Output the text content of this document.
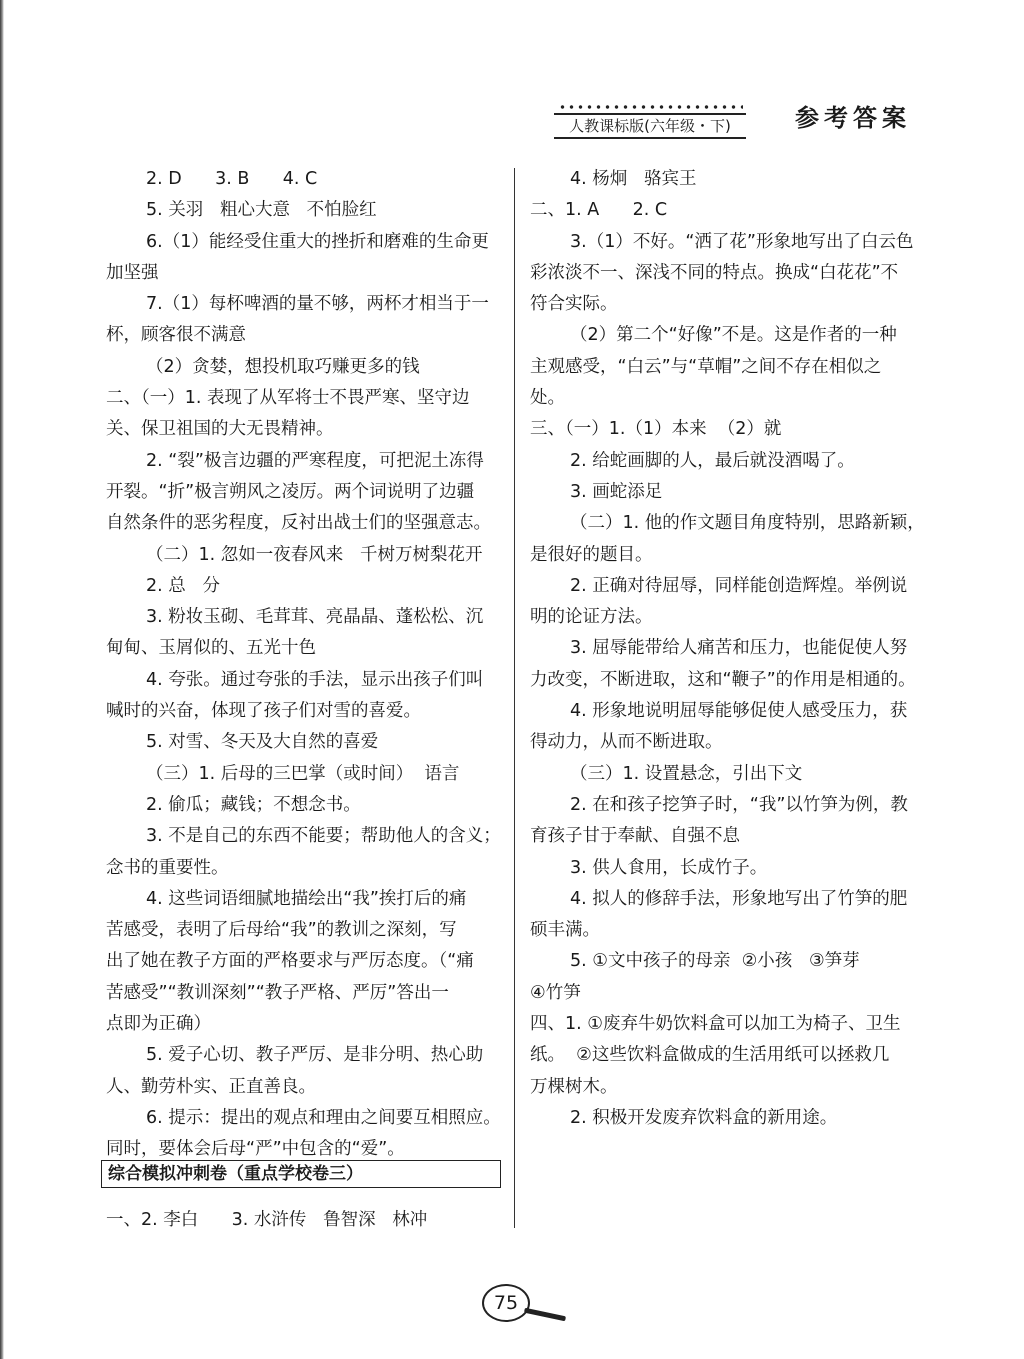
人教课标版(六年级・下)	参考答案
2. D      3. B      4. C
5. 关羽   粗心大意   不怕脸红
6.（1）能经受住重大的挫折和磨难的生命更
加坚强
7.（1）每杯啤酒的量不够，两杯才相当于一
杯，顾客很不满意
（2）贪婪，想投机取巧赚更多的钱
二、（一）1. 表现了从军将士不畏严寒、坚守边
关、保卫祖国的大无畏精神。
2. “裂”极言边疆的严寒程度，可把泥土冻得
开裂。“折”极言朔风之凌厉。两个词说明了边疆
自然条件的恶劣程度，反衬出战士们的坚强意志。
（二）1. 忽如一夜春风来   千树万树梨花开
2. 总   分
3. 粉妆玉砌、毛茸茸、亮晶晶、蓬松松、沉
甸甸、玉屑似的、五光十色
4. 夸张。通过夸张的手法，显示出孩子们叫
喊时的兴奋，体现了孩子们对雪的喜爱。
5. 对雪、冬天及大自然的喜爱
（三）1. 后母的三巴掌（或时间）  语言
2. 偷瓜；藏钱；不想念书。
3. 不是自己的东西不能要；帮助他人的含义；
念书的重要性。
4. 这些词语细腻地描绘出“我”挨打后的痛
苦感受，表明了后母给“我”的教训之深刻，写
出了她在教子方面的严格要求与严厉态度。（“痛
苦感受”“教训深刻”“教子严格、严厉”答出一
点即为正确）
5. 爱子心切、教子严厉、是非分明、热心助
人、勤劳朴实、正直善良。
6. 提示：提出的观点和理由之间要互相照应。
同时，要体会后母“严”中包含的“爱”。
4. 杨炯   骆宾王
二、1. A      2. C
3.（1）不好。“洒了花”形象地写出了白云色
彩浓淡不一、深浅不同的特点。换成“白花花”不
符合实际。
（2）第二个“好像”不是。这是作者的一种
主观感受，“白云”与“草帽”之间不存在相似之
处。
三、（一）1.（1）本来  （2）就
2. 给蛇画脚的人，最后就没酒喝了。
3. 画蛇添足
（二）1. 他的作文题目角度特别，思路新颖，
是很好的题目。
2. 正确对待屈辱，同样能创造辉煌。举例说
明的论证方法。
3. 屈辱能带给人痛苦和压力，也能促使人努
力改变，不断进取，这和“鞭子”的作用是相通的。
4. 形象地说明屈辱能够促使人感受压力，获
得动力，从而不断进取。
（三）1. 设置悬念，引出下文
2. 在和孩子挖笋子时，“我”以竹笋为例，教
育孩子甘于奉献、自强不息
3. 供人食用，长成竹子。
4. 拟人的修辞手法，形象地写出了竹笋的肥
硕丰满。
5. ①文中孩子的母亲  ②小孩   ③笋芽
④竹笋
四、1. ①废弃牛奶饮料盒可以加工为椅子、卫生
纸。  ②这些饮料盒做成的生活用纸可以拯救几
万棵树木。
2. 积极开发废弃饮料盒的新用途。
综合模拟冲刺卷（重点学校卷三）
一、2. 李白      3. 水浒传   鲁智深   林冲
75
